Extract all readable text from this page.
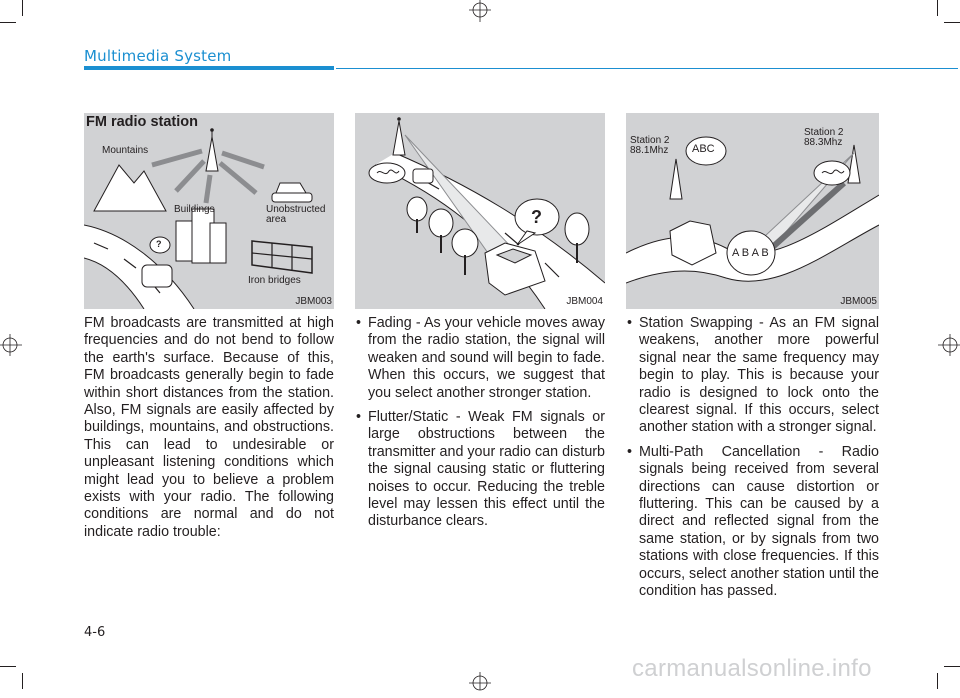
Multimedia System
FM radio station
Mountains
Buildings	Unobstructed
area
Iron bridges
?
JBM003
?
JBM004
Station 2
88.1Mhz
Station 2
88.3Mhz
ABC
A B A B
JBM005
FM broadcasts are transmitted at high frequencies and do not bend to follow the earth's surface. Because of this, FM broadcasts generally begin to fade within short distances from the station. Also, FM signals are easily affected by buildings, mountains, and obstructions. This can lead to undesirable or unpleasant listening conditions which might lead you to believe a problem exists with your radio. The following conditions are normal and do not indicate radio trouble:
• Fading - As your vehicle moves away from the radio station, the signal will weaken and sound will begin to fade. When this occurs, we suggest that you select another stronger station.
• Flutter/Static - Weak FM signals or large obstructions between the transmitter and your radio can disturb the signal causing static or fluttering noises to occur. Reducing the treble level may lessen this effect until the disturbance clears.
• Station Swapping - As an FM signal weakens, another more powerful signal near the same frequency may begin to play. This is because your radio is designed to lock onto the clearest signal. If this occurs, select another station with a stronger signal.
• Multi-Path Cancellation - Radio signals being received from several directions can cause distortion or fluttering. This can be caused by a direct and reflected signal from the same station, or by signals from two stations with close frequencies. If this occurs, select another station until the condition has passed.
4-6
carmanualsonline.info
